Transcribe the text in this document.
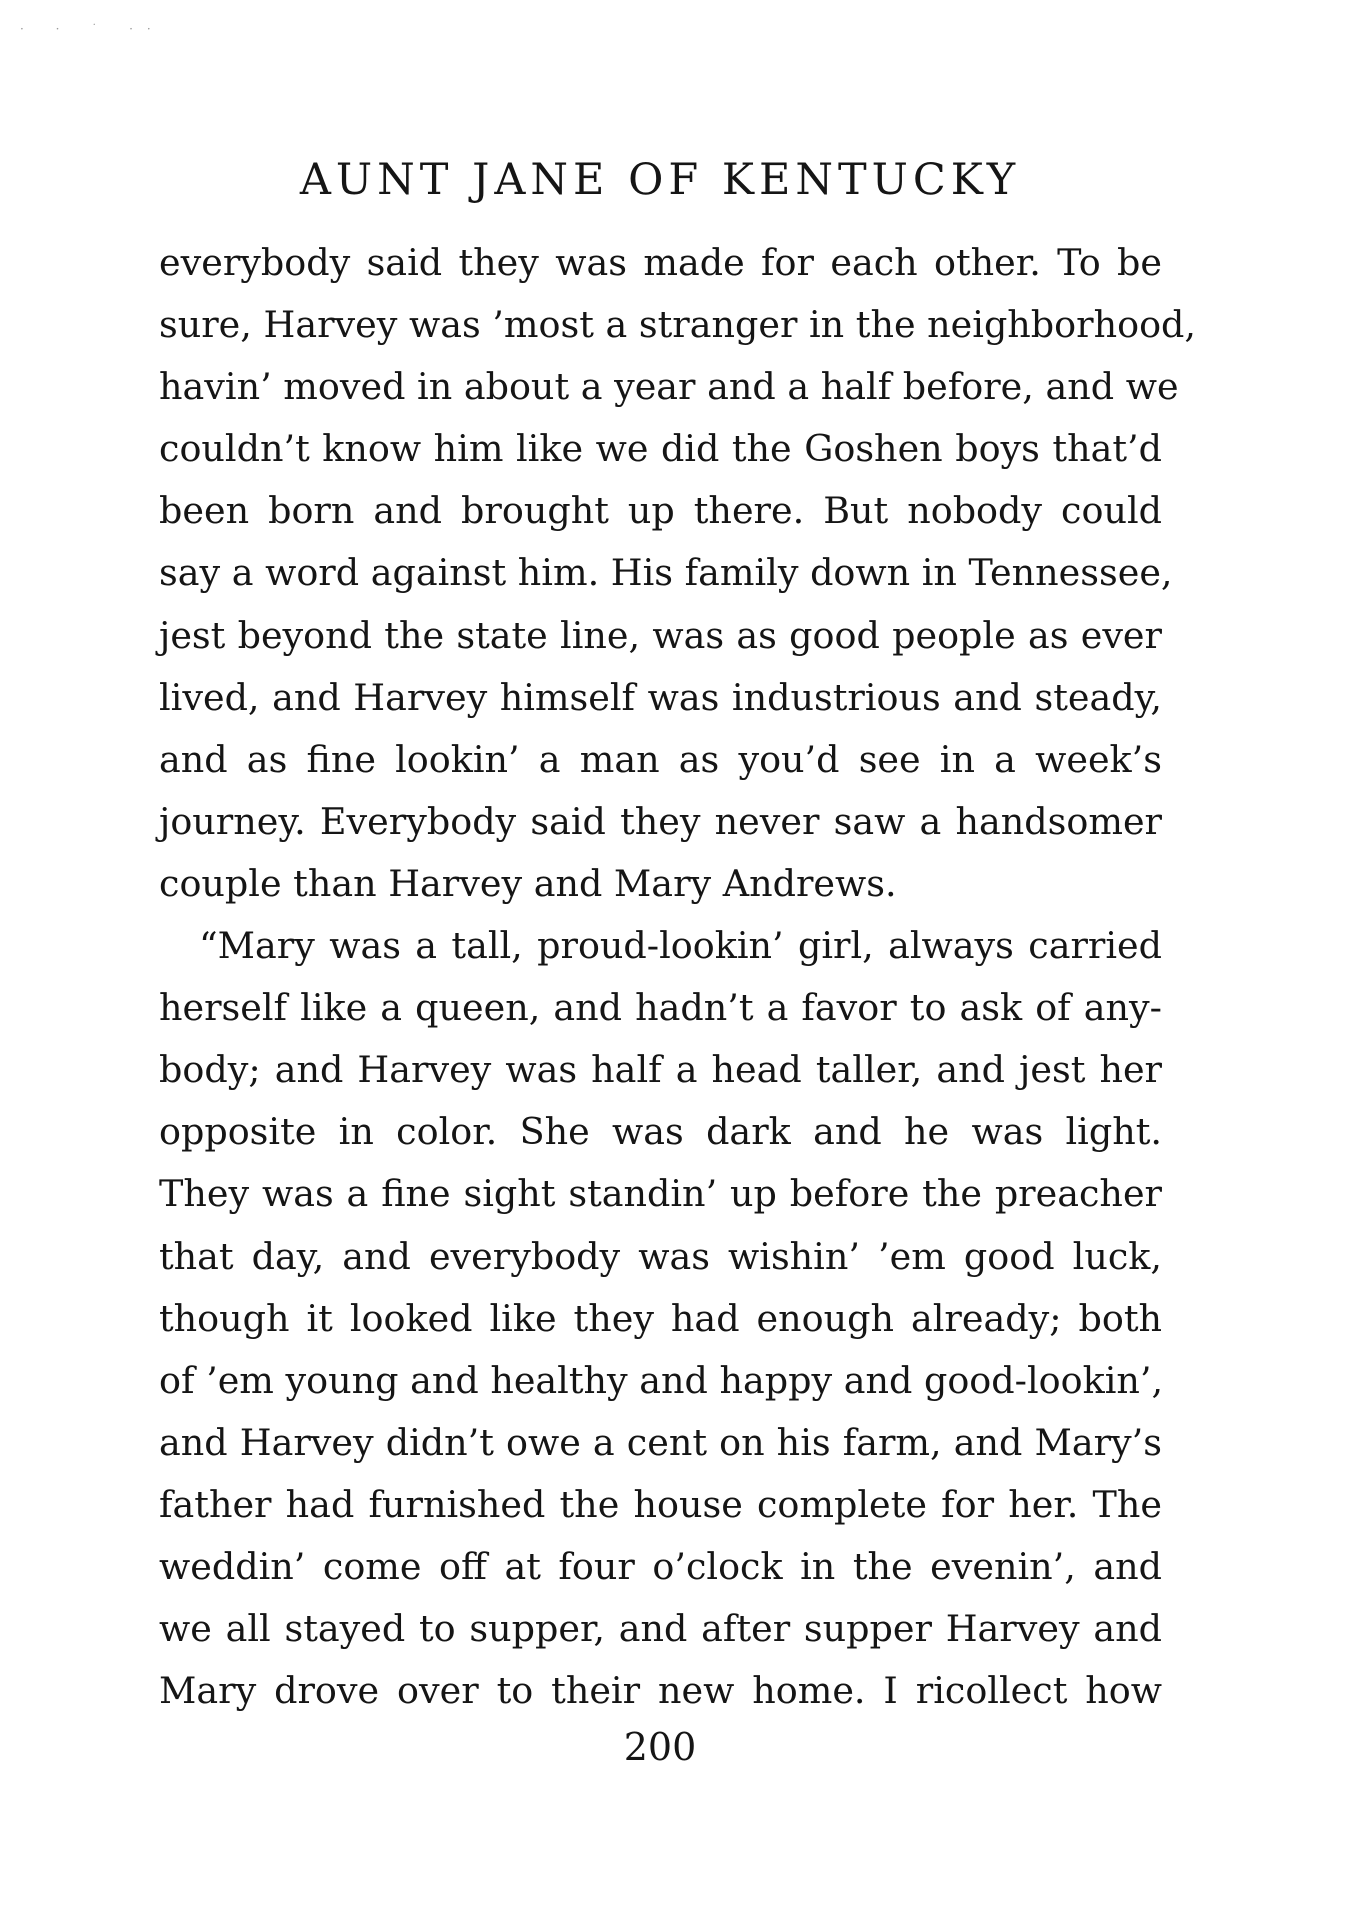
· · ˙ ··
AUNT JANE OF KENTUCKY
everybody said they was made for each other. To be
sure, Harvey was ’most a stranger in the neighborhood,
havin’ moved in about a year and a half before, and we
couldn’t know him like we did the Goshen boys that’d
been born and brought up there. But nobody could
say a word against him. His family down in Tennessee,
jest beyond the state line, was as good people as ever
lived, and Harvey himself was industrious and steady,
and as fine lookin’ a man as you’d see in a week’s
journey. Everybody said they never saw a handsomer
couple than Harvey and Mary Andrews.
“Mary was a tall, proud-lookin’ girl, always carried
herself like a queen, and hadn’t a favor to ask of any-
body; and Harvey was half a head taller, and jest her
opposite in color. She was dark and he was light.
They was a fine sight standin’ up before the preacher
that day, and everybody was wishin’ ’em good luck,
though it looked like they had enough already; both
of ’em young and healthy and happy and good-lookin’,
and Harvey didn’t owe a cent on his farm, and Mary’s
father had furnished the house complete for her. The
weddin’ come off at four o’clock in the evenin’, and
we all stayed to supper, and after supper Harvey and
Mary drove over to their new home. I ricollect how
200
